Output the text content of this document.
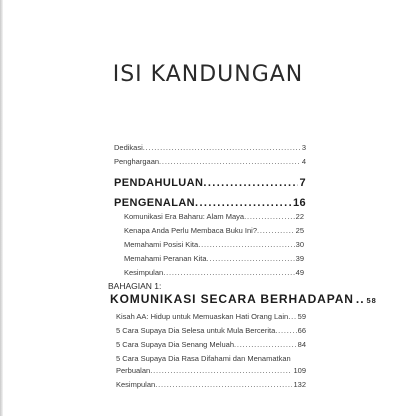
ISI KANDUNGAN
Dedikasi .....	3
Penghargaan .....	4
PENDAHULUAN .....	7
PENGENALAN .....	16
Komunikasi Era Baharu: Alam Maya .....	22
Kenapa Anda Perlu Membaca Buku Ini? .....	25
Memahami Posisi Kita .....	30
Memahami Peranan Kita .....	39
Kesimpulan .....	49
BAHAGIAN 1:
KOMUNIKASI SECARA BERHADAPAN .. 58
Kisah AA: Hidup untuk Memuaskan Hati Orang Lain ..... 59
5 Cara Supaya Dia Selesa untuk Mula Bercerita .....	66
5 Cara Supaya Dia Senang Meluah .....	84
5 Cara Supaya Dia Rasa Difahami dan Menamatkan
Perbualan .....	109
Kesimpulan .....	132
